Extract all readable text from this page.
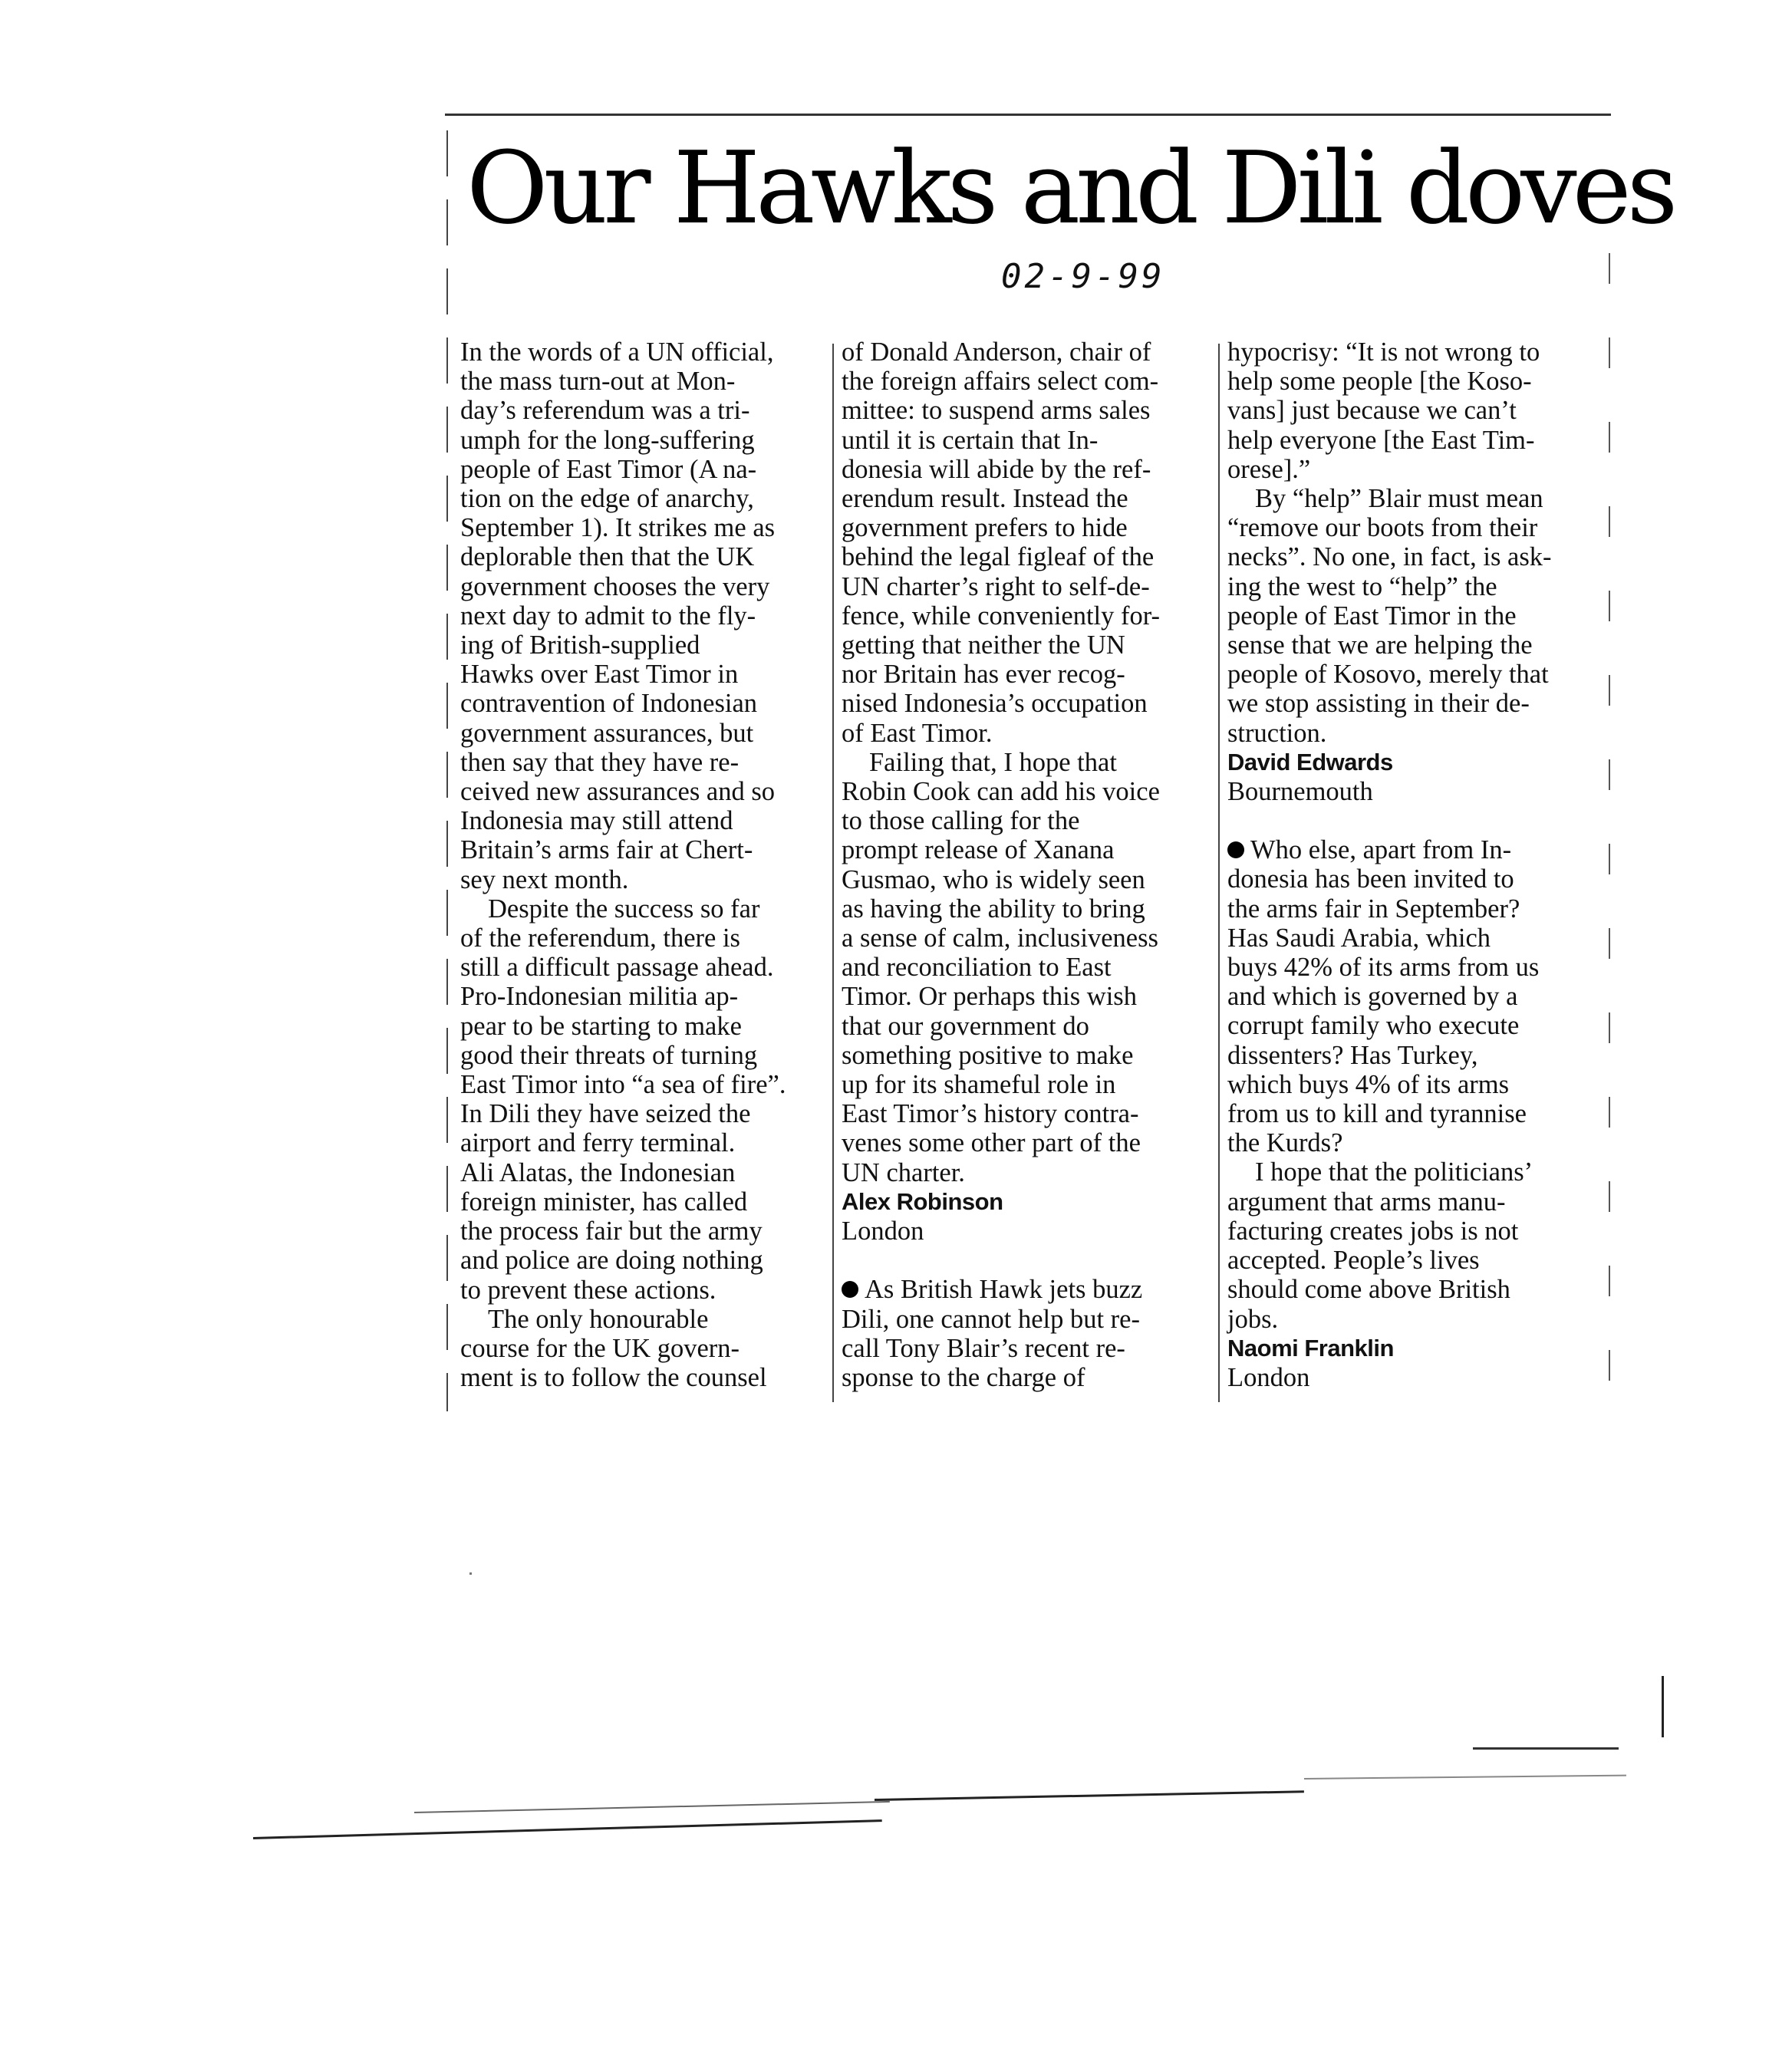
Our Hawks and Dili doves
02-9-99
In the words of a UN official,
the mass turn-out at Mon-
day’s referendum was a tri-
umph for the long-suffering
people of East Timor (A na-
tion on the edge of anarchy,
September 1). It strikes me as
deplorable then that the UK
government chooses the very
next day to admit to the fly-
ing of British-supplied
Hawks over East Timor in
contravention of Indonesian
government assurances, but
then say that they have re-
ceived new assurances and so
Indonesia may still attend
Britain’s arms fair at Chert-
sey next month.
Despite the success so far
of the referendum, there is
still a difficult passage ahead.
Pro-Indonesian militia ap-
pear to be starting to make
good their threats of turning
East Timor into “a sea of fire”.
In Dili they have seized the
airport and ferry terminal.
Ali Alatas, the Indonesian
foreign minister, has called
the process fair but the army
and police are doing nothing
to prevent these actions.
The only honourable
course for the UK govern-
ment is to follow the counsel
of Donald Anderson, chair of
the foreign affairs select com-
mittee: to suspend arms sales
until it is certain that In-
donesia will abide by the ref-
erendum result. Instead the
government prefers to hide
behind the legal figleaf of the
UN charter’s right to self-de-
fence, while conveniently for-
getting that neither the UN
nor Britain has ever recog-
nised Indonesia’s occupation
of East Timor.
Failing that, I hope that
Robin Cook can add his voice
to those calling for the
prompt release of Xanana
Gusmao, who is widely seen
as having the ability to bring
a sense of calm, inclusiveness
and reconciliation to East
Timor. Or perhaps this wish
that our government do
something positive to make
up for its shameful role in
East Timor’s history contra-
venes some other part of the
UN charter.
Alex Robinson
London
As British Hawk jets buzz
Dili, one cannot help but re-
call Tony Blair’s recent re-
sponse to the charge of
hypocrisy: “It is not wrong to
help some people [the Koso-
vans] just because we can’t
help everyone [the East Tim-
orese].”
By “help” Blair must mean
“remove our boots from their
necks”. No one, in fact, is ask-
ing the west to “help” the
people of East Timor in the
sense that we are helping the
people of Kosovo, merely that
we stop assisting in their de-
struction.
David Edwards
Bournemouth
Who else, apart from In-
donesia has been invited to
the arms fair in September?
Has Saudi Arabia, which
buys 42% of its arms from us
and which is governed by a
corrupt family who execute
dissenters? Has Turkey,
which buys 4% of its arms
from us to kill and tyrannise
the Kurds?
I hope that the politicians’
argument that arms manu-
facturing creates jobs is not
accepted. People’s lives
should come above British
jobs.
Naomi Franklin
London
